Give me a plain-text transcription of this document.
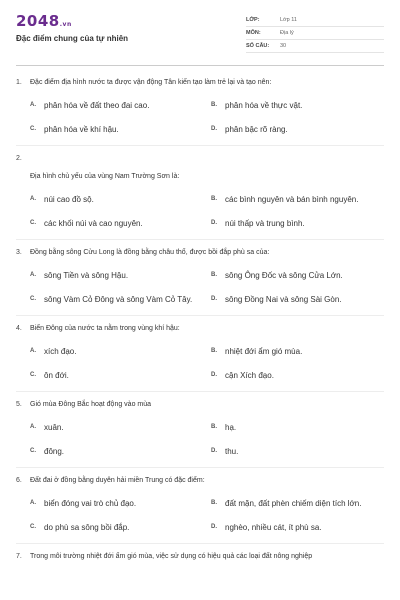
2048.vn
Đặc điểm chung của tự nhiên
LỚP:	Lớp 11
MÔN:	Địa lý
SỐ CÂU:	30
1.	Đặc điểm địa hình nước ta được vận động Tân kiến tạo làm trẻ lại và tạo nên:
A.	phân hóa về đất theo đai cao.	B.	phân hóa về thực vật.
C.	phân hóa về khí hậu.	D.	phân bậc rõ ràng.
2.
Địa hình chủ yếu của vùng Nam Trường Sơn là:
A.	núi cao đồ sộ.	B.	các bình nguyên và bán bình nguyên.
C.	các khối núi và cao nguyên.	D.	núi thấp và trung bình.
3.	Đồng bằng sông Cửu Long là đồng bằng châu thổ, được bồi đắp phù sa của:
A.	sông Tiền và sông Hậu.	B.	sông Ông Đốc và sông Cửa Lớn.
C.	sông Vàm Cỏ Đông và sông Vàm Cỏ Tây.	D.	sông Đồng Nai và sông Sài Gòn.
4.	Biển Đông của nước ta nằm trong vùng khí hậu:
A.	xích đạo.	B.	nhiệt đới ẩm gió mùa.
C.	ôn đới.	D.	cận Xích đạo.
5.	Gió mùa Đông Bắc hoạt động vào mùa
A.	xuân.	B.	hạ.
C.	đông.	D.	thu.
6.	Đất đai ở đồng bằng duyên hải miền Trung có đặc điểm:
A.	biển đóng vai trò chủ đạo.	B.	đất mặn, đất phèn chiếm diện tích lớn.
C.	do phù sa sông bồi đắp.	D.	nghèo, nhiều cát, ít phù sa.
7.	Trong môi trường nhiệt đới ẩm gió mùa, việc sử dụng có hiệu quả các loại đất nông nghiệp
